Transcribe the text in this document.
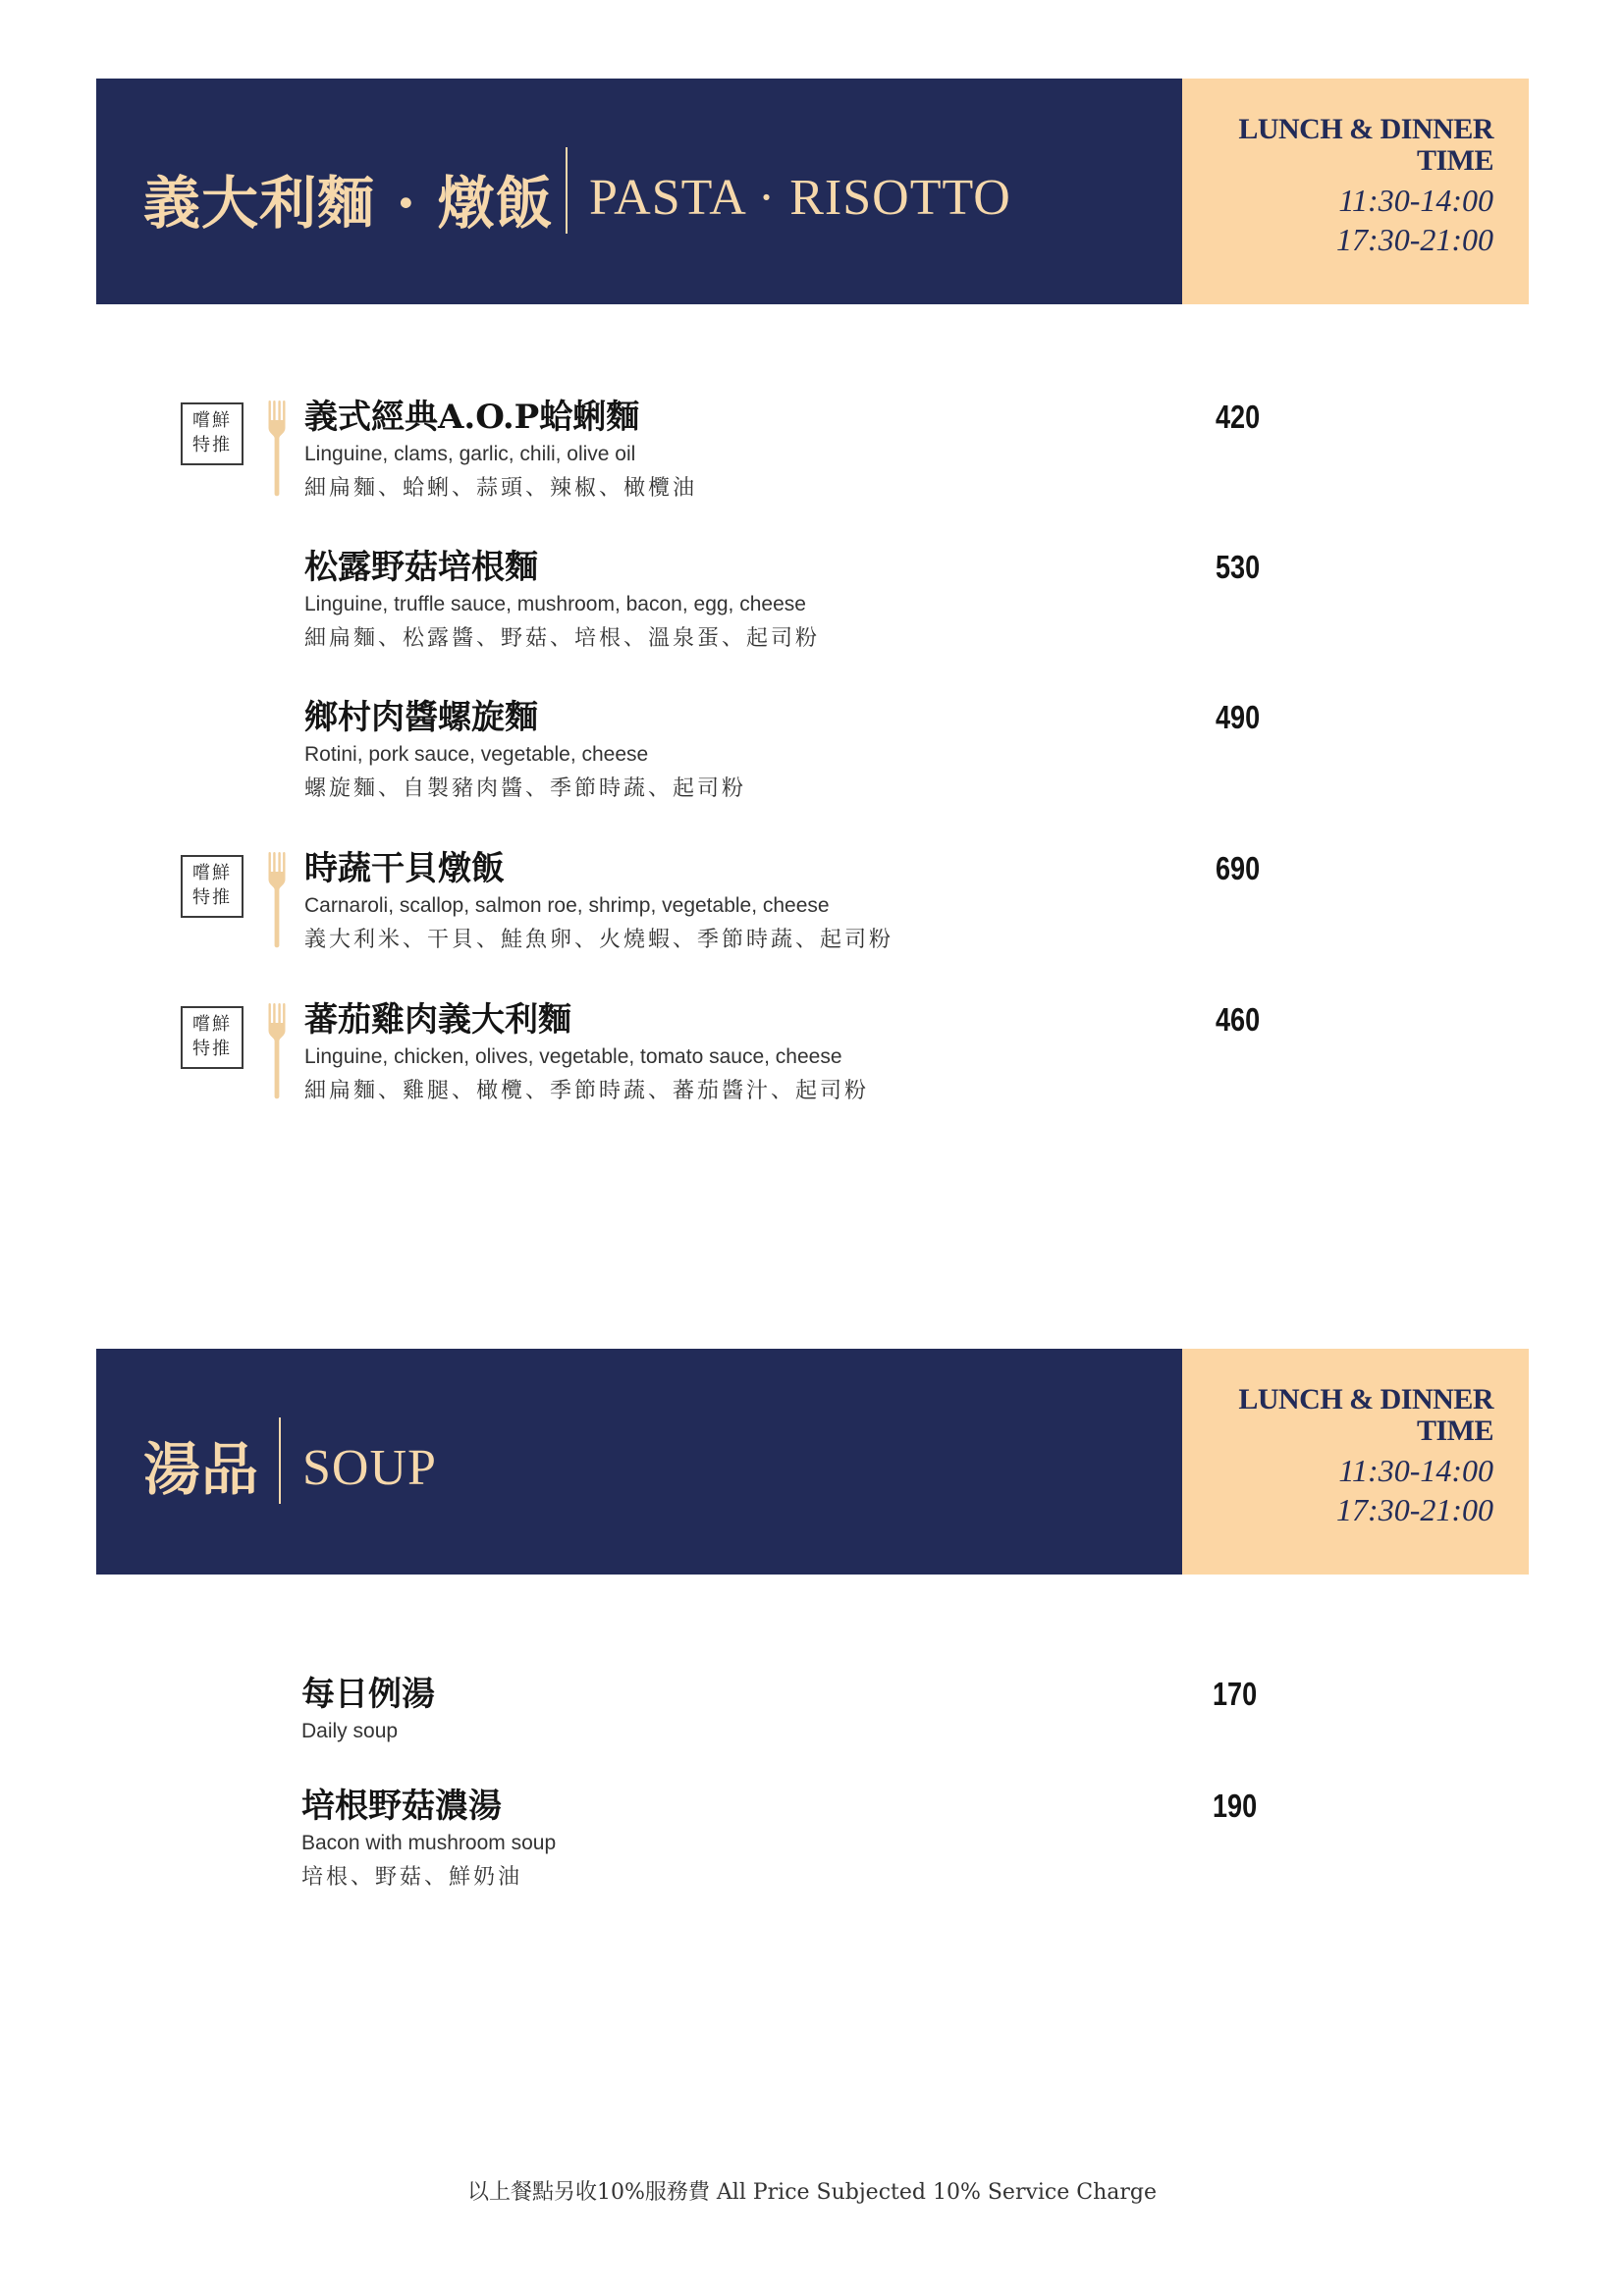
義大利麵 · 燉飯 PASTA · RISOTTO
LUNCH & DINNER
TIME
11:30-14:00
17:30-21:00
嚐鮮
特推
義式經典A.O.P蛤蜊麵
Linguine, clams, garlic, chili, olive oil
細扁麵、蛤蜊、蒜頭、辣椒、橄欖油
420
松露野菇培根麵
Linguine, truffle sauce, mushroom, bacon, egg, cheese
細扁麵、松露醬、野菇、培根、溫泉蛋、起司粉
530
鄉村肉醬螺旋麵
Rotini, pork sauce, vegetable, cheese
螺旋麵、自製豬肉醬、季節時蔬、起司粉
490
嚐鮮
特推
時蔬干貝燉飯
Carnaroli, scallop, salmon roe, shrimp, vegetable, cheese
義大利米、干貝、鮭魚卵、火燒蝦、季節時蔬、起司粉
690
嚐鮮
特推
蕃茄雞肉義大利麵
Linguine, chicken, olives, vegetable, tomato sauce, cheese
細扁麵、雞腿、橄欖、季節時蔬、蕃茄醬汁、起司粉
460
湯品 SOUP
LUNCH & DINNER
TIME
11:30-14:00
17:30-21:00
每日例湯
Daily soup
170
培根野菇濃湯
Bacon with mushroom soup
培根、野菇、鮮奶油
190
以上餐點另收10%服務費 All Price Subjected 10% Service Charge
